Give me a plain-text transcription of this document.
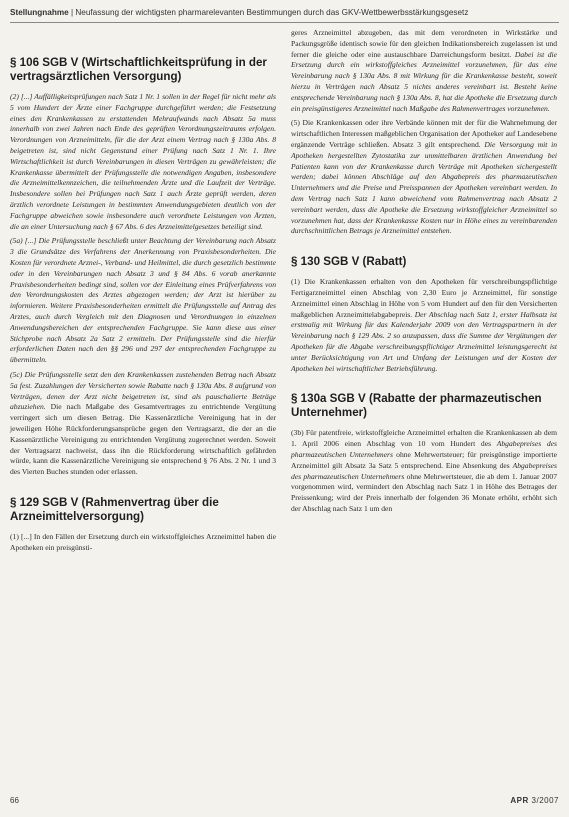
Stellungnahme | Neufassung der wichtigsten pharmarelevanten Bestimmungen durch das GKV-Wettbewerbsstärkungsgesetz
§ 106 SGB V (Wirtschaftlichkeitsprüfung in der vertragsärztlichen Versorgung)

(2) [...] Auffälligkeitsprüfungen nach Satz 1 Nr. 1 sollen in der Regel für nicht mehr als 5 vom Hundert der Ärzte einer Fachgruppe durchgeführt werden; die Festsetzung eines den Krankenkassen zu erstattenden Mehraufwands nach Absatz 5a muss innerhalb von zwei Jahren nach Ende des geprüften Verordnungszeitraums erfolgen. Verordnungen von Arzneimitteln, für die der Arzt einem Vertrag nach § 130a Abs. 8 beigetreten ist, sind nicht Gegenstand einer Prüfung nach Satz 1 Nr. 1. Ihre Wirtschaftlichkeit ist durch Vereinbarungen in diesen Verträgen zu gewährleisten; die Krankenkasse übermittelt der Prüfungsstelle die notwendigen Angaben, insbesondere die Arzneimittelkennzeichen, die teilnehmenden Ärzte und die Laufzeit der Verträge. Insbesondere sollen bei Prüfungen nach Satz 1 auch Ärzte geprüft werden, deren ärztlich verordnete Leistungen in bestimmten Anwendungsgebieten deutlich von der Fachgruppe abweichen sowie insbesondere auch verordnete Leistungen von Ärzten, die an einer Untersuchung nach § 67 Abs. 6 des Arzneimittelgesetzes beteiligt sind.

(5a) [...] Die Prüfungsstelle beschließt unter Beachtung der Vereinbarung nach Absatz 3 die Grundsätze des Verfahrens der Anerkennung von Praxisbesonderheiten. Die Kosten für verordnete Arznei-, Verband- und Heilmittel, die durch gesetzlich bestimmte oder in den Vereinbarungen nach Absatz 3 und § 84 Abs. 6 vorab anerkannte Praxisbesonderheiten bedingt sind, sollen vor der Einleitung eines Prüfverfahrens von den Verordnungskosten des Arztes abgezogen werden; der Arzt ist hierüber zu informieren. Weitere Praxisbesonderheiten ermittelt die Prüfungsstelle auf Antrag des Arztes, auch durch Vergleich mit den Diagnosen und Verordnungen in einzelnen Anwendungsbereichen der entsprechenden Fachgruppe. Sie kann diese aus einer Stichprobe nach Absatz 2a Satz 2 ermitteln. Der Prüfungsstelle sind die hierfür erforderlichen Daten nach den §§ 296 und 297 der entsprechenden Fachgruppe zu übermitteln.

(5c) Die Prüfungsstelle setzt den den Krankenkassen zustehenden Betrag nach Absatz 5a fest. Zuzahlungen der Versicherten sowie Rabatte nach § 130a Abs. 8 aufgrund von Verträgen, denen der Arzt nicht beigetreten ist, sind als pauschalierte Beträge abzuziehen. Die nach Maßgabe des Gesamtvertrages zu entrichtende Vergütung verringert sich um diesen Betrag. Die Kassenärztliche Vereinigung hat in der jeweiligen Höhe Rückforderungsansprüche gegen den Vertragsarzt, die der an die Kassenärztliche Vereinigung zu entrichtenden Vergütung zugerechnet werden. Soweit der Vertragsarzt nachweist, dass ihn die Rückforderung wirtschaftlich gefährden würde, kann die Kassenärztliche Vereinigung sie entsprechend § 76 Abs. 2 Nr. 1 und 3 des Vierten Buches stunden oder erlassen.

§ 129 SGB V (Rahmenvertrag über die Arzneimittelversorgung)

(1) [...] In den Fällen der Ersetzung durch ein wirkstoffgleiches Arzneimittel haben die Apotheken ein preisgünsti-

geres Arzneimittel abzugeben, das mit dem verordneten in Wirkstärke und Packungsgröße identisch sowie für den gleichen Indikationsbereich zugelassen ist und ferner die gleiche oder eine austauschbare Darreichungsform besitzt. Dabei ist die Ersetzung durch ein wirkstoffgleiches Arzneimittel vorzunehmen, für das eine Vereinbarung nach § 130a Abs. 8 mit Wirkung für die Krankenkasse besteht, soweit hierzu in Verträgen nach Absatz 5 nichts anderes vereinbart ist. Besteht keine entsprechende Vereinbarung nach § 130a Abs. 8, hat die Apotheke die Ersetzung durch ein preisgünstigeres Arzneimittel nach Maßgabe des Rahmenvertrages vorzunehmen.

(5) Die Krankenkassen oder ihre Verbände können mit der für die Wahrnehmung der wirtschaftlichen Interessen maßgeblichen Organisation der Apotheker auf Landesebene ergänzende Verträge schließen. Absatz 3 gilt entsprechend. Die Versorgung mit in Apotheken hergestellten Zytostatika zur unmittelbaren ärztlichen Anwendung bei Patienten kann von der Krankenkasse durch Verträge mit Apotheken sichergestellt werden; dabei können Abschläge auf den Abgabepreis des pharmazeutischen Unternehmers und die Preise und Preisspannen der Apotheken vereinbart werden. In dem Vertrag nach Satz 1 kann abweichend vom Rahmenvertrag nach Absatz 2 vereinbart werden, dass die Apotheke die Ersetzung wirkstoffgleicher Arzneimittel so vorzunehmen hat, dass der Krankenkasse Kosten nur in Höhe eines zu vereinbarenden durchschnittlichen Betrags je Arzneimittel entstehen.

§ 130 SGB V (Rabatt)

(1) Die Krankenkassen erhalten von den Apotheken für verschreibungspflichtige Fertigarzneimittel einen Abschlag von 2,30 Euro je Arzneimittel, für sonstige Arzneimittel einen Abschlag in Höhe von 5 vom Hundert auf den für den Versicherten maßgeblichen Arzneimittelabgabepreis. Der Abschlag nach Satz 1, erster Halbsatz ist erstmalig mit Wirkung für das Kalenderjahr 2009 von den Vertragspartnern in der Vereinbarung nach § 129 Abs. 2 so anzupassen, dass die Summe der Vergütungen der Apotheken für die Abgabe verschreibungspflichtiger Arzneimittel leistungsgerecht ist unter Berücksichtigung von Art und Umfang der Leistungen und der Kosten der Apotheken bei wirtschaftlicher Betriebsführung.

§ 130a SGB V (Rabatte der pharmazeutischen Unternehmer)

(3b) Für patentfreie, wirkstoffgleiche Arzneimittel erhalten die Krankenkassen ab dem 1. April 2006 einen Abschlag von 10 vom Hundert des Abgabepreises des pharmazeutischen Unternehmers ohne Mehrwertsteuer; für preisgünstige importierte Arzneimittel gilt Absatz 3a Satz 5 entsprechend. Eine Absenkung des Abgabepreises des pharmazeutischen Unternehmers ohne Mehrwertsteuer, die ab dem 1. Januar 2007 vorgenommen wird, vermindert den Abschlag nach Satz 1 in Höhe des Betrages der Preissenkung; wird der Preis innerhalb der folgenden 36 Monate erhöht, erhöht sich der Abschlag nach Satz 1 um den

66	APR 3/2007
